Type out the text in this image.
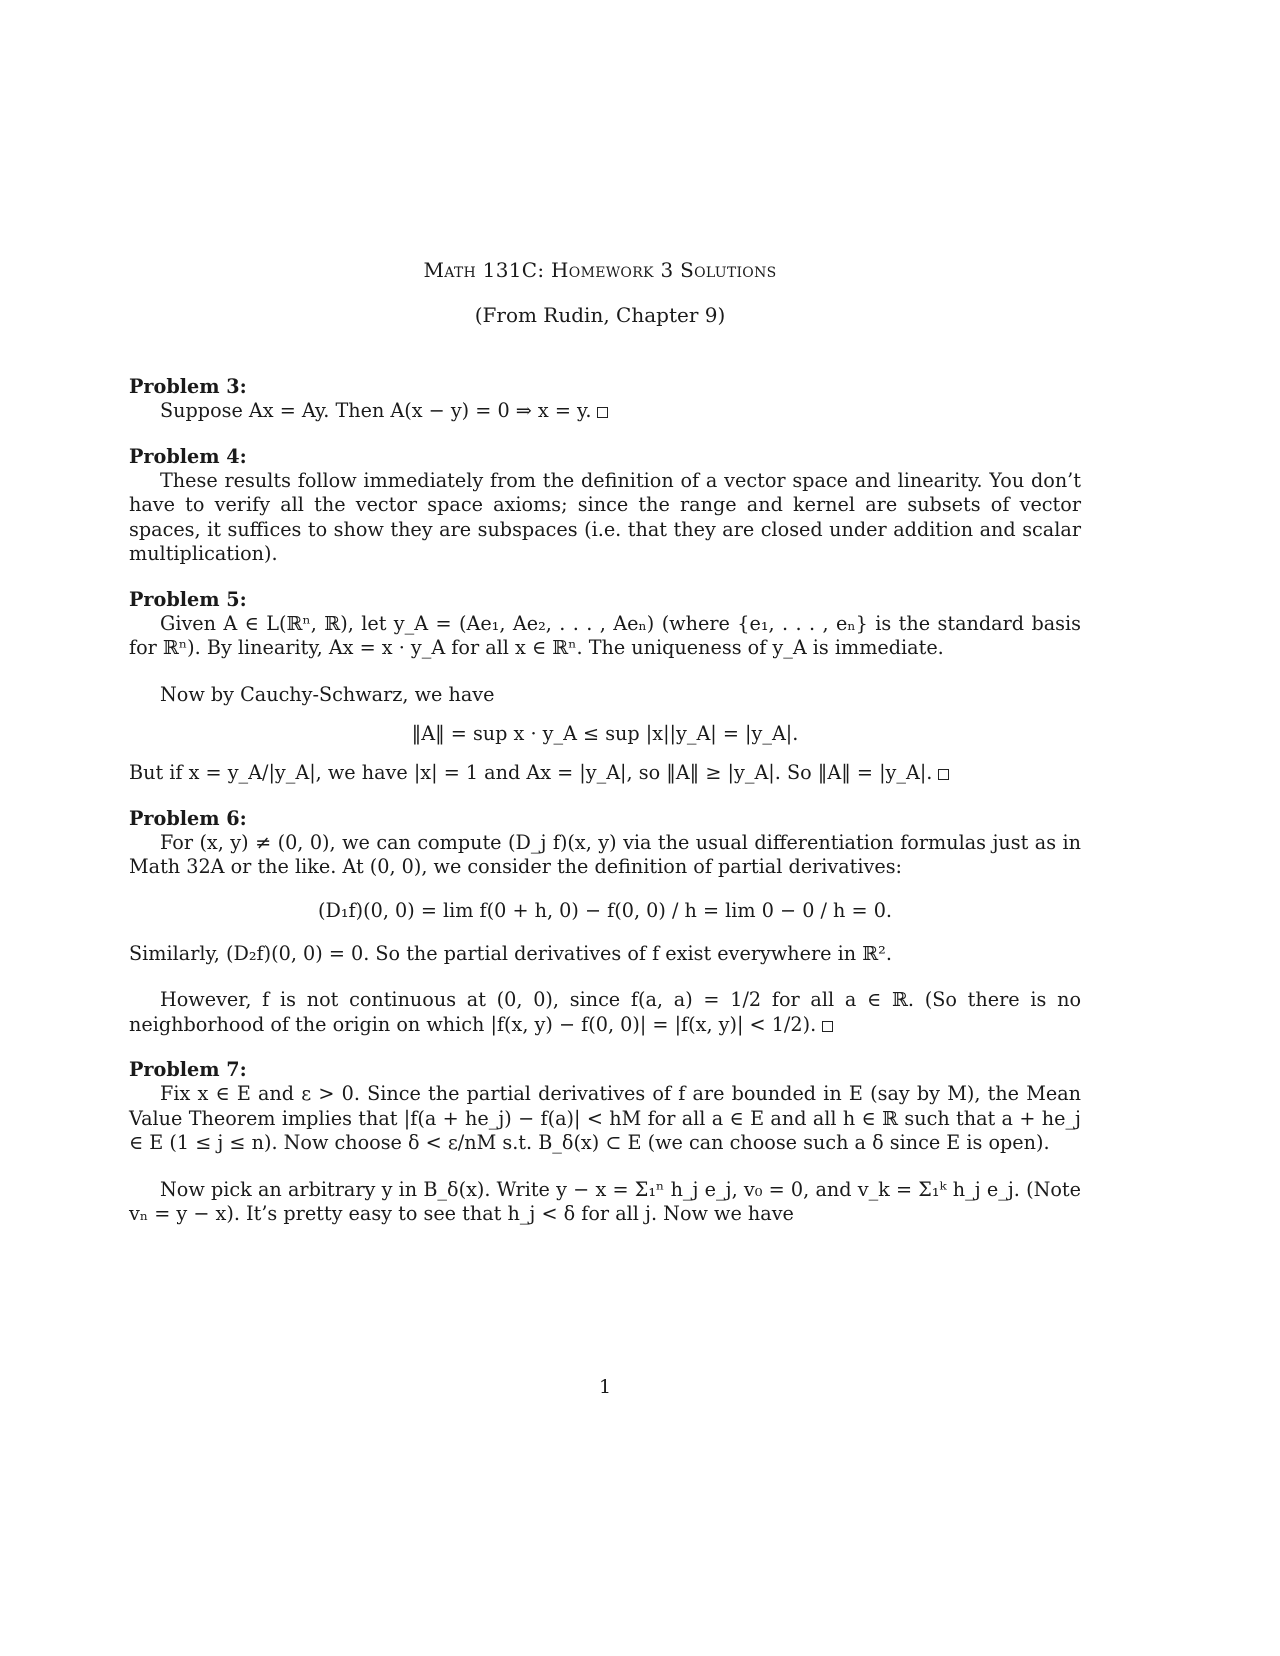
Math 131C: Homework 3 Solutions
(From Rudin, Chapter 9)
Problem 3:

Suppose Ax = Ay. Then A(x − y) = 0 ⇒ x = y.

Problem 4:

These results follow immediately from the definition of a vector space and linearity. You don’t have to verify all the vector space axioms; since the range and kernel are subsets of vector spaces, it suffices to show they are subspaces (i.e. that they are closed under addition and scalar multiplication).

Problem 5:

Given A ∈ L(ℝⁿ, ℝ), let y_A = (Ae₁, Ae₂, . . . , Aeₙ) (where {e₁, . . . , eₙ} is the standard basis for ℝⁿ). By linearity, Ax = x · y_A for all x ∈ ℝⁿ. The uniqueness of y_A is immediate.

Now by Cauchy-Schwarz, we have

‖A‖ = sup x · y_A ≤ sup |x||y_A| = |y_A|.

But if x = y_A/|y_A|, we have |x| = 1 and Ax = |y_A|, so ‖A‖ ≥ |y_A|. So ‖A‖ = |y_A|.

Problem 6:

For (x, y) ≠ (0, 0), we can compute (D_j f)(x, y) via the usual differentiation formulas just as in Math 32A or the like. At (0, 0), we consider the definition of partial derivatives:

(D₁f)(0, 0) = lim f(0 + h, 0) − f(0, 0) / h = lim 0 − 0 / h = 0.

Similarly, (D₂f)(0, 0) = 0. So the partial derivatives of f exist everywhere in ℝ².

However, f is not continuous at (0, 0), since f(a, a) = 1/2 for all a ∈ ℝ. (So there is no neighborhood of the origin on which |f(x, y) − f(0, 0)| = |f(x, y)| < 1/2).

Problem 7:

Fix x ∈ E and ε > 0. Since the partial derivatives of f are bounded in E (say by M), the Mean Value Theorem implies that |f(a + he_j) − f(a)| < hM for all a ∈ E and all h ∈ ℝ such that a + he_j ∈ E (1 ≤ j ≤ n). Now choose δ < ε/nM s.t. B_δ(x) ⊂ E (we can choose such a δ since E is open).

Now pick an arbitrary y in B_δ(x). Write y − x = Σ₁ⁿ h_j e_j, v₀ = 0, and v_k = Σ₁ᵏ h_j e_j. (Note vₙ = y − x). It’s pretty easy to see that h_j < δ for all j. Now we have

1
